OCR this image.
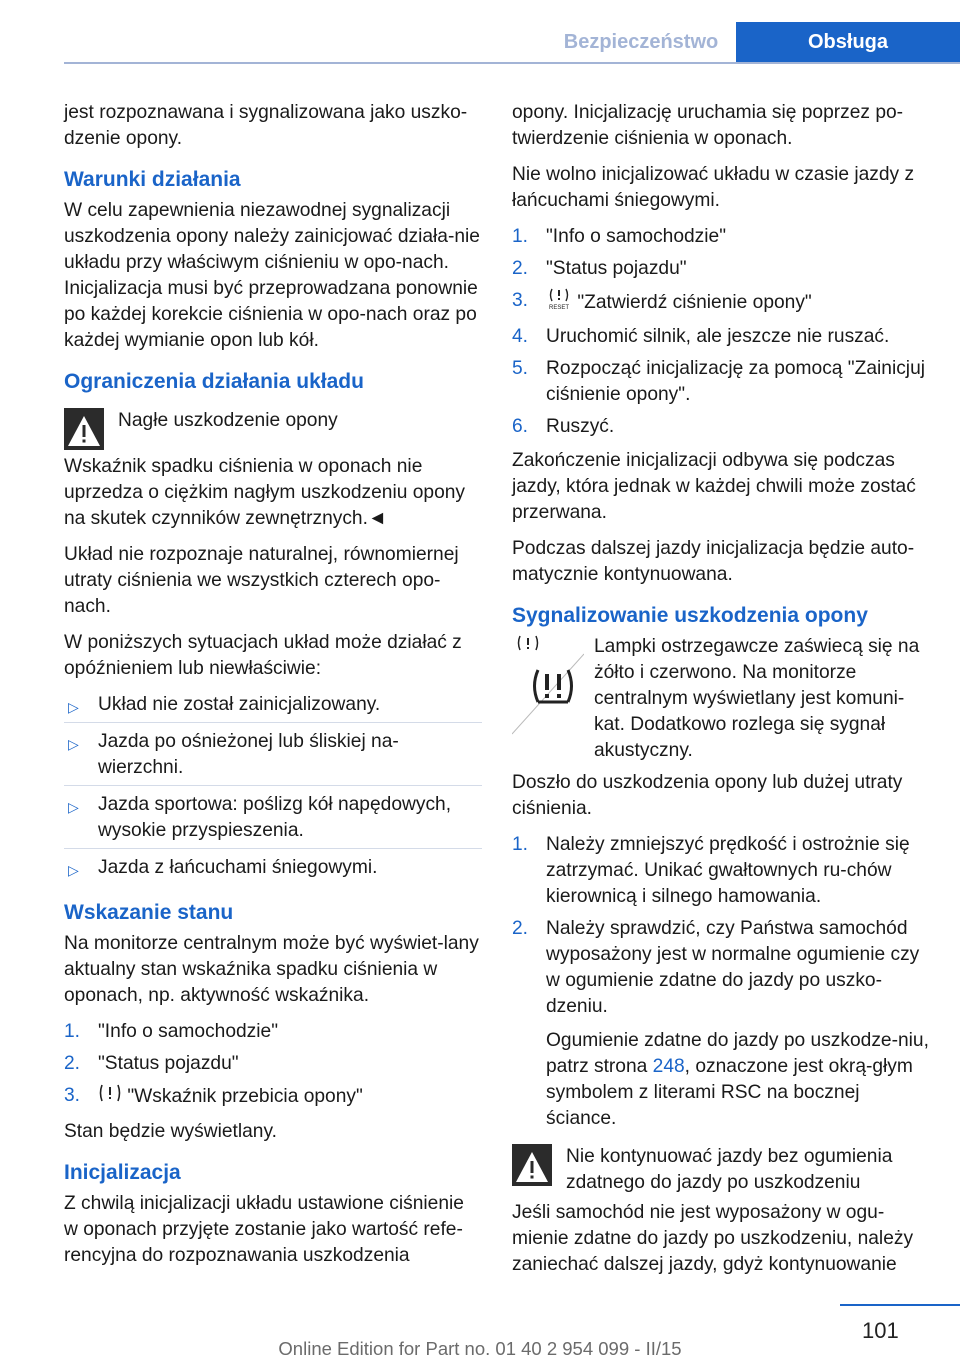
Bezpieczeństwo	Obsługa

jest rozpoznawana i sygnalizowana jako uszko-dzenie opony.

Warunki działania

W celu zapewnienia niezawodnej sygnalizacji uszkodzenia opony należy zainicjować działa-nie układu przy właściwym ciśnieniu w opo-nach. Inicjalizacja musi być przeprowadzana ponownie po każdej korekcie ciśnienia w opo-nach oraz po każdej wymianie opon lub kół.

Ograniczenia działania układu
Nagłe uszkodzenie opony

Wskaźnik spadku ciśnienia w oponach nie uprzedza o ciężkim nagłym uszkodzeniu opony na skutek czynników zewnętrznych.◄

Układ nie rozpoznaje naturalnej, równomiernej utraty ciśnienia we wszystkich czterech opo-nach.

W poniższych sytuacjach układ może działać z opóźnieniem lub niewłaściwie:

▷ Układ nie został zainicjalizowany.
▷ Jazda po ośnieżonej lub śliskiej na-wierzchni.
▷ Jazda sportowa: poślizg kół napędowych, wysokie przyspieszenia.
▷ Jazda z łańcuchami śniegowymi.
Wskazanie stanu

Na monitorze centralnym może być wyświet-lany aktualny stan wskaźnika spadku ciśnienia w oponach, np. aktywność wskaźnika.

1. "Info o samochodzie"
2. "Status pojazdu"
3. "Wskaźnik przebicia opony"

Stan będzie wyświetlany.

Inicjalizacja

Z chwilą inicjalizacji układu ustawione ciśnienie w oponach przyjęte zostanie jako wartość refe-rencyjna do rozpoznawania uszkodzenia

opony. Inicjalizację uruchamia się poprzez po-twierdzenie ciśnienia w oponach.

Nie wolno inicjalizować układu w czasie jazdy z łańcuchami śniegowymi.

1. "Info o samochodzie"
2. "Status pojazdu"
3.	RESET "Zatwierdź ciśnienie opony"
4. Uruchomić silnik, ale jeszcze nie ruszać.
5. Rozpocząć inicjalizację za pomocą "Zainicjuj ciśnienie opony".
6. Ruszyć.

Zakończenie inicjalizacji odbywa się podczas jazdy, która jednak w każdej chwili może zostać przerwana.

Podczas dalszej jazdy inicjalizacja będzie auto-matycznie kontynuowana.

Sygnalizowanie uszkodzenia opony
Lampki ostrzegawcze zaświecą się na żółto i czerwono. Na monitorze centralnym wyświetlany jest komuni-kat. Dodatkowo rozlega się sygnał akustyczny.

Doszło do uszkodzenia opony lub dużej utraty ciśnienia.

1. Należy zmniejszyć prędkość i ostrożnie się zatrzymać. Unikać gwałtownych ru-chów kierownicą i silnego hamowania.
2. Należy sprawdzić, czy Państwa samochód wyposażony jest w normalne ogumienie czy w ogumienie zdatne do jazdy po uszko-dzeniu.

Ogumienie zdatne do jazdy po uszkodze-niu, patrz strona 248, oznaczone jest okrą-głym symbolem z literami RSC na bocznej ściance.

Nie kontynuować jazdy bez ogumienia zdatnego do jazdy po uszkodzeniu

Jeśli samochód nie jest wyposażony w ogu-mienie zdatne do jazdy po uszkodzeniu, należy zaniechać dalszej jazdy, gdyż kontynuowanie

101
Online Edition for Part no. 01 40 2 954 099 - II/15
